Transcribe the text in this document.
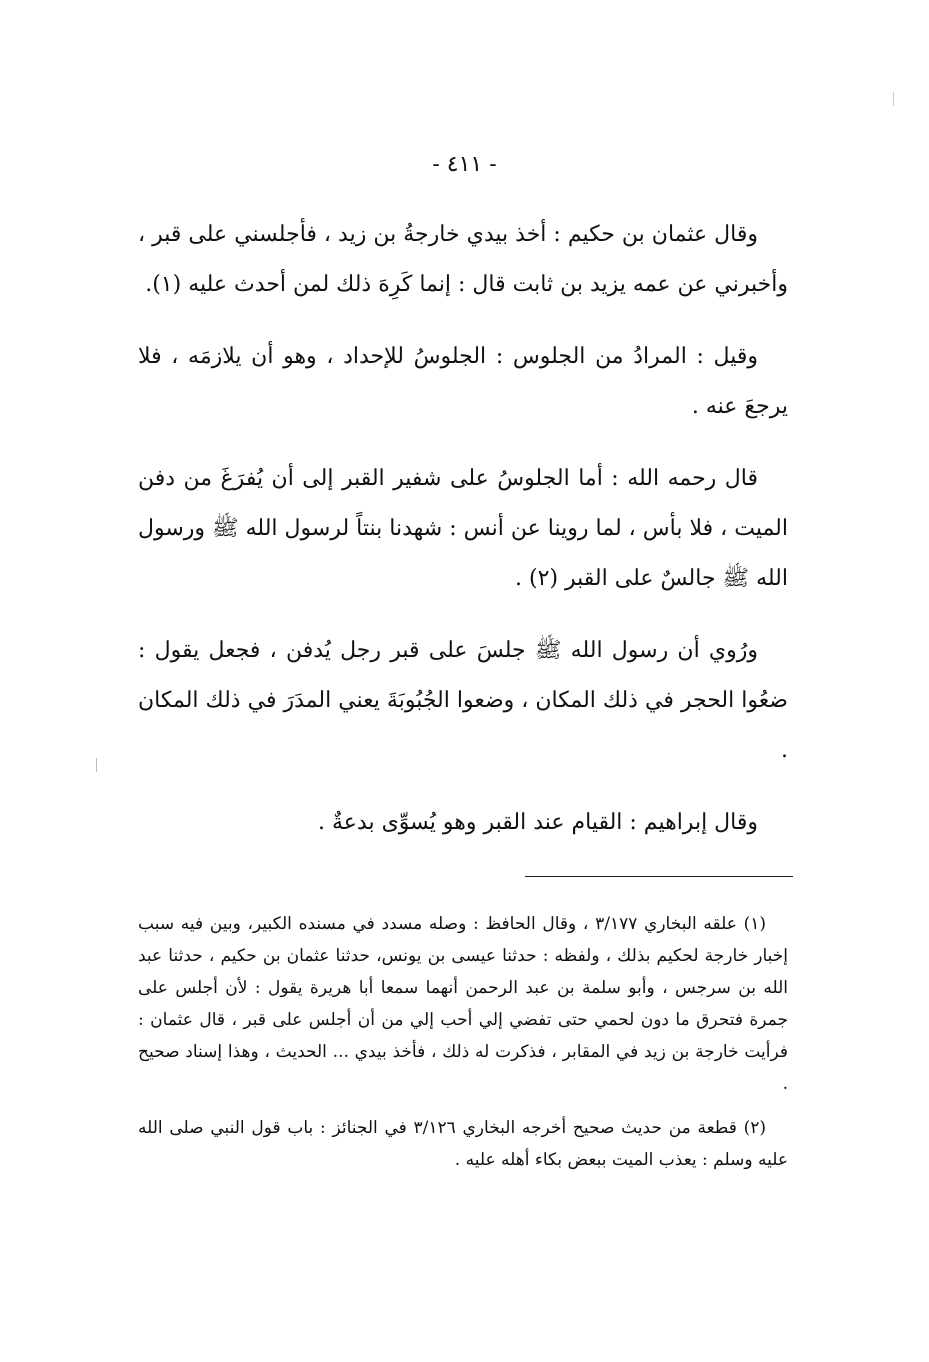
- ٤١١ -

وقال عثمان بن حكيم : أخذ بيدي خارجةُ بن زيد ، فأجلسني على قبر ، وأخبرني عن عمه يزيد بن ثابت قال : إنما كَرِهَ ذلك لمن أحدث عليه (١).

وقيل : المرادُ من الجلوس : الجلوسُ للإحداد ، وهو أن يلازمَه ، فلا يرجعَ عنه .

قال رحمه الله : أما الجلوسُ على شفير القبر إلى أن يُفرَغَ من دفن الميت ، فلا بأس ، لما روينا عن أنس : شهدنا بنتاً لرسول الله ﷺ ورسول الله ﷺ جالسٌ على القبر (٢) .

ورُوي أن رسول الله ﷺ جلسَ على قبر رجل يُدفن ، فجعل يقول : ضعُوا الحجر في ذلك المكان ، وضعوا الجُبُوبَةَ يعني المدَرَ في ذلك المكان .

وقال إبراهيم : القيام عند القبر وهو يُسوِّى بدعةٌ .

(١) علقه البخاري ٣/١٧٧ ، وقال الحافظ : وصله مسدد في مسنده الكبير، وبين فيه سبب إخبار خارجة لحكيم بذلك ، ولفظه : حدثنا عيسى بن يونس، حدثنا عثمان بن حكيم ، حدثنا عبد الله بن سرجس ، وأبو سلمة بن عبد الرحمن أنهما سمعا أبا هريرة يقول : لأن أجلس على جمرة فتحرق ما دون لحمي حتى تفضي إلي أحب إلي من أن أجلس على قبر ، قال عثمان : فرأيت خارجة بن زيد في المقابر ، فذكرت له ذلك ، فأخذ بيدي ... الحديث ، وهذا إسناد صحيح .

(٢) قطعة من حديث صحيح أخرجه البخاري ٣/١٢٦ في الجنائز : باب قول النبي صلى الله عليه وسلم : يعذب الميت ببعض بكاء أهله عليه .
